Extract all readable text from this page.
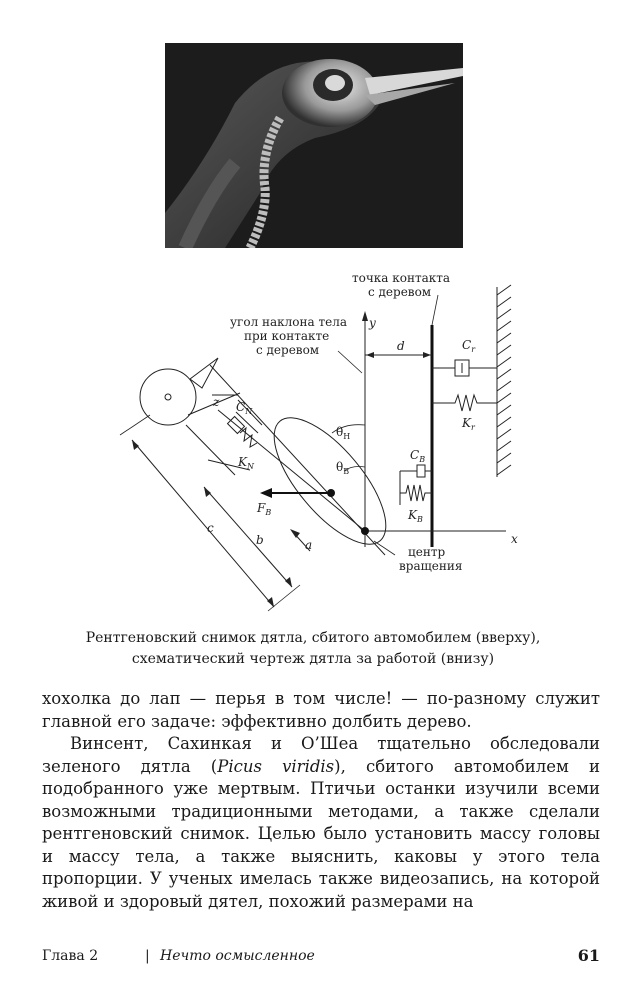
точка контакта
с деревом
угол наклона тела
при контакте
с деревом
центр
вращения
y
x
d
z
a
b
c
$\theta_H$
$\theta_B$
$C_r$
$K_r$
$C_B$
$K_B$
$C_N$
$K_N$
$F_B$
Рентгеновский снимок дятла, сбитого автомобилем (вверху),
схематический чертеж дятла за работой (внизу)

хохолка до лап — перья в том числе! — по-разному служит главной его задаче: эффективно долбить дерево.

Винсент, Сахинкая и О’Шеа тщательно обследовали зеленого дятла (Picus viridis), сбитого автомобилем и подобранного уже мертвым. Птичьи останки изучили всеми возможными традиционными методами, а также сделали рентгеновский снимок. Целью было установить массу головы и массу тела, а также выяснить, каковы у этого тела пропорции. У ученых имелась также видеозапись, на которой живой и здоровый дятел, похожий размерами на

Глава 2	| Нечто осмысленное	61
